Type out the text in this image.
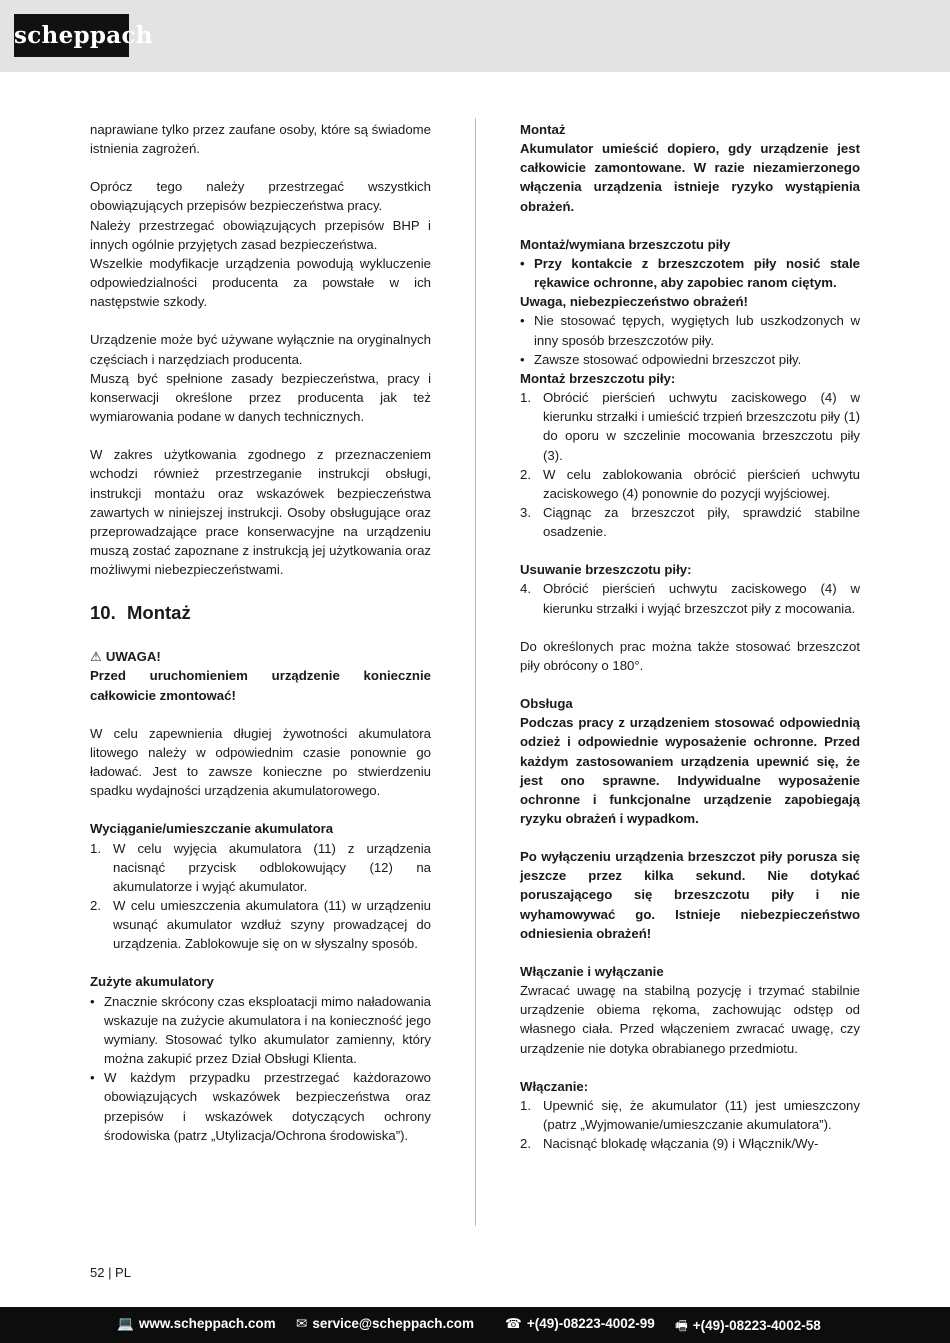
scheppach

naprawiane tylko przez zaufane osoby, które są świadome istnienia zagrożeń.

Oprócz tego należy przestrzegać wszystkich obowiązujących przepisów bezpieczeństwa pracy.

Należy przestrzegać obowiązujących przepisów BHP i innych ogólnie przyjętych zasad bezpieczeństwa.

Wszelkie modyfikacje urządzenia powodują wykluczenie odpowiedzialności producenta za powstałe w ich następstwie szkody.

Urządzenie może być używane wyłącznie na oryginalnych częściach i narzędziach producenta.

Muszą być spełnione zasady bezpieczeństwa, pracy i konserwacji określone przez producenta jak też wymiarowania podane w danych technicznych.

W zakres użytkowania zgodnego z przeznaczeniem wchodzi również przestrzeganie instrukcji obsługi, instrukcji montażu oraz wskazówek bezpieczeństwa zawartych w niniejszej instrukcji. Osoby obsługujące oraz przeprowadzające prace konserwacyjne na urządzeniu muszą zostać zapoznane z instrukcją jej użytkowania oraz możliwymi niebezpieczeństwami.

10. Montaż
⚠ UWAGA!

Przed uruchomieniem urządzenie koniecznie całkowicie zmontować!

W celu zapewnienia długiej żywotności akumulatora litowego należy w odpowiednim czasie ponownie go ładować. Jest to zawsze konieczne po stwierdzeniu spadku wydajności urządzenia akumulatorowego.

Wyciąganie/umieszczanie akumulatora
1. W celu wyjęcia akumulatora (11) z urządzenia nacisnąć przycisk odblokowujący (12) na akumulatorze i wyjąć akumulator.
2. W celu umieszczenia akumulatora (11) w urządzeniu wsunąć akumulator wzdłuż szyny prowadzącej do urządzenia. Zablokowuje się on w słyszalny sposób.
Zużyte akumulatory
• Znacznie skrócony czas eksploatacji mimo naładowania wskazuje na zużycie akumulatora i na konieczność jego wymiany. Stosować tylko akumulator zamienny, który można zakupić przez Dział Obsługi Klienta.
• W każdym przypadku przestrzegać każdorazowo obowiązujących wskazówek bezpieczeństwa oraz przepisów i wskazówek dotyczących ochrony środowiska (patrz „Utylizacja/Ochrona środowiska”).
Montaż

Akumulator umieścić dopiero, gdy urządzenie jest całkowicie zamontowane. W razie niezamierzonego włączenia urządzenia istnieje ryzyko wystąpienia obrażeń.

Montaż/wymiana brzeszczotu piły
• Przy kontakcie z brzeszczotem piły nosić stale rękawice ochronne, aby zapobiec ranom ciętym.
Uwaga, niebezpieczeństwo obrażeń!
• Nie stosować tępych, wygiętych lub uszkodzonych w inny sposób brzeszczotów piły.
• Zawsze stosować odpowiedni brzeszczot piły.
Montaż brzeszczotu piły:
1. Obrócić pierścień uchwytu zaciskowego (4) w kierunku strzałki i umieścić trzpień brzeszczotu piły (1) do oporu w szczelinie mocowania brzeszczotu piły (3).
2. W celu zablokowania obrócić pierścień uchwytu zaciskowego (4) ponownie do pozycji wyjściowej.
3. Ciągnąc za brzeszczot piły, sprawdzić stabilne osadzenie.
Usuwanie brzeszczotu piły:
4. Obrócić pierścień uchwytu zaciskowego (4) w kierunku strzałki i wyjąć brzeszczot piły z mocowania.

Do określonych prac można także stosować brzeszczot piły obrócony o 180°.

Obsługa

Podczas pracy z urządzeniem stosować odpowiednią odzież i odpowiednie wyposażenie ochronne. Przed każdym zastosowaniem urządzenia upewnić się, że jest ono sprawne. Indywidualne wyposażenie ochronne i funkcjonalne urządzenie zapobiegają ryzyku obrażeń i wypadkom.

Po wyłączeniu urządzenia brzeszczot piły porusza się jeszcze przez kilka sekund. Nie dotykać poruszającego się brzeszczotu piły i nie wyhamowywać go. Istnieje niebezpieczeństwo odniesienia obrażeń!

Włączanie i wyłączanie

Zwracać uwagę na stabilną pozycję i trzymać stabilnie urządzenie obiema rękoma, zachowując odstęp od własnego ciała. Przed włączeniem zwracać uwagę, czy urządzenie nie dotyka obrabianego przedmiotu.

Włączanie:
1. Upewnić się, że akumulator (11) jest umieszczony (patrz „Wyjmowanie/umieszczanie akumulatora”).
2. Nacisnąć blokadę włączania (9) i Włącznik/Wy-
52 | PL
💻 www.scheppach.com ✉ service@scheppach.com ☎ +(49)-08223-4002-99 🖷 +(49)-08223-4002-58
